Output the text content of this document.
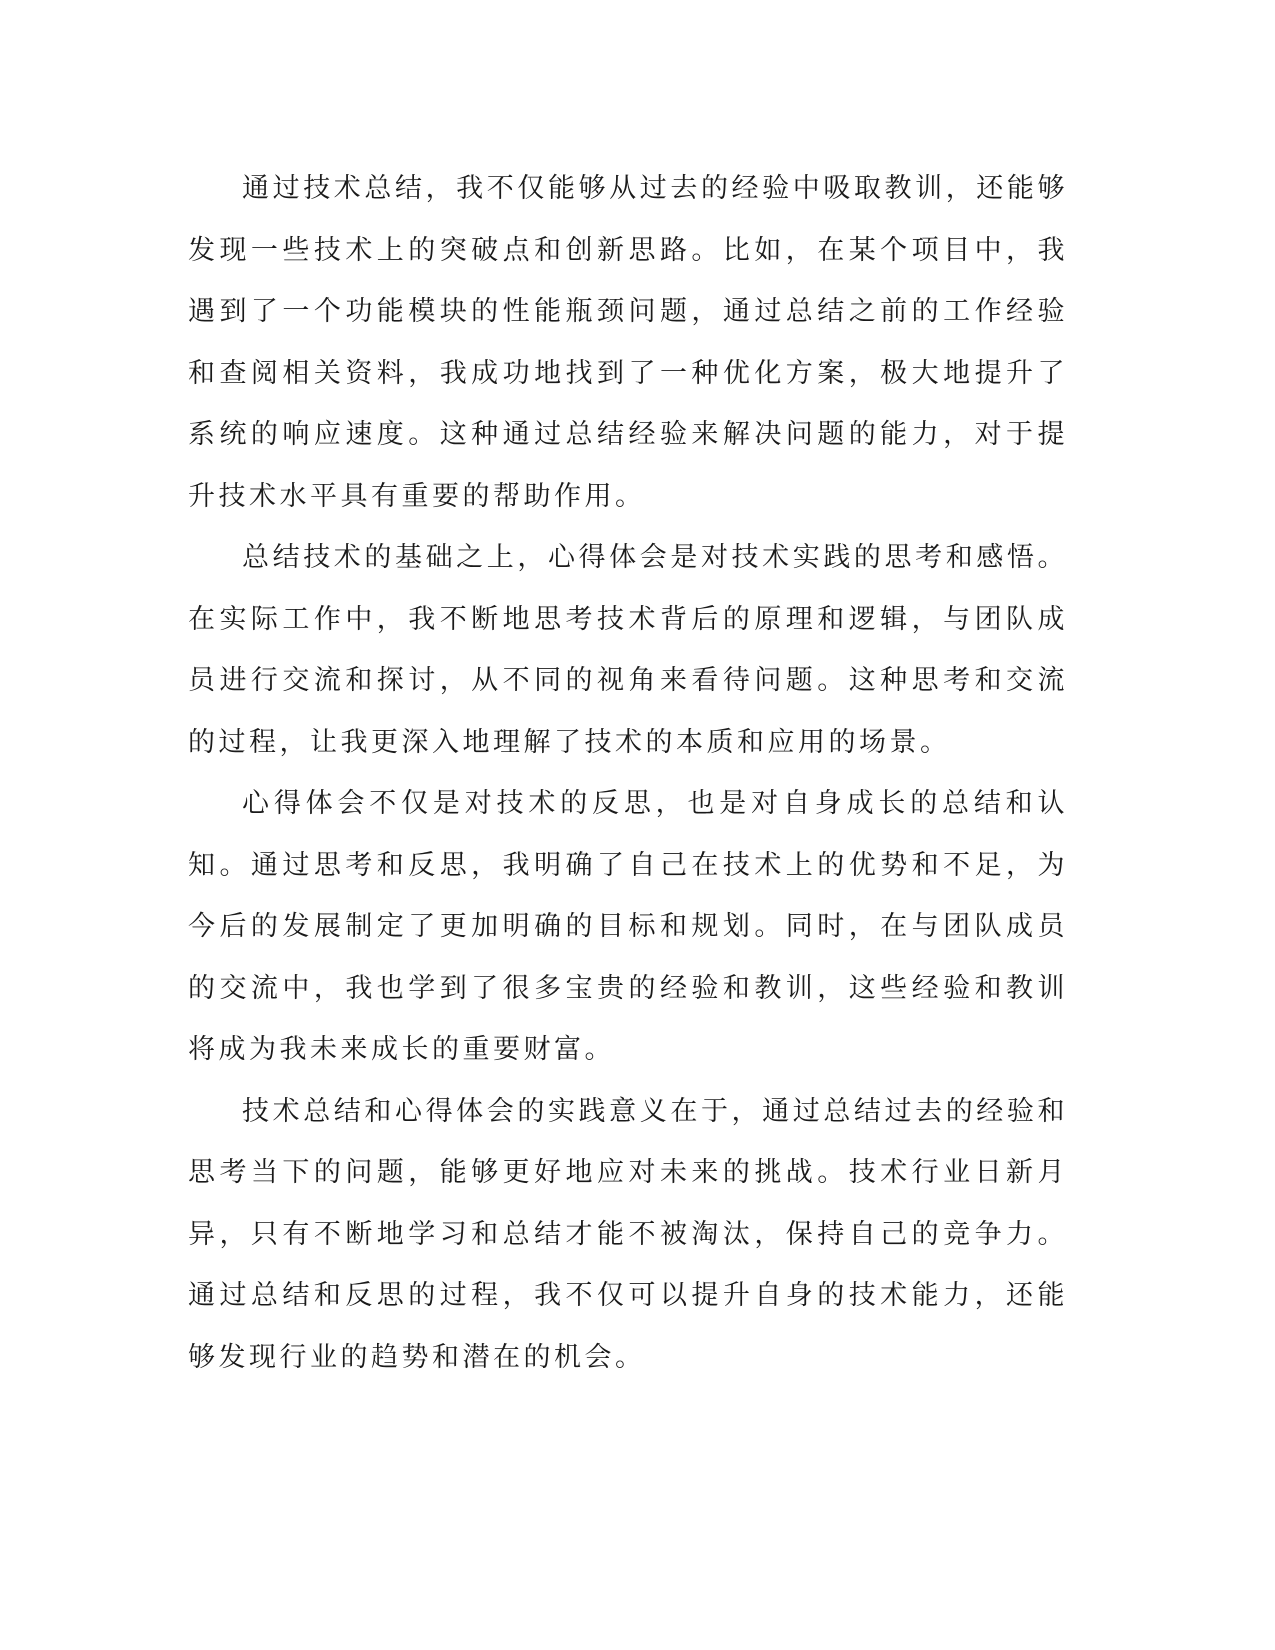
通过技术总结，我不仅能够从过去的经验中吸取教训，还能够发现一些技术上的突破点和创新思路。比如，在某个项目中，我遇到了一个功能模块的性能瓶颈问题，通过总结之前的工作经验和查阅相关资料，我成功地找到了一种优化方案，极大地提升了系统的响应速度。这种通过总结经验来解决问题的能力，对于提升技术水平具有重要的帮助作用。

总结技术的基础之上，心得体会是对技术实践的思考和感悟。在实际工作中，我不断地思考技术背后的原理和逻辑，与团队成员进行交流和探讨，从不同的视角来看待问题。这种思考和交流的过程，让我更深入地理解了技术的本质和应用的场景。

心得体会不仅是对技术的反思，也是对自身成长的总结和认知。通过思考和反思，我明确了自己在技术上的优势和不足，为今后的发展制定了更加明确的目标和规划。同时，在与团队成员的交流中，我也学到了很多宝贵的经验和教训，这些经验和教训将成为我未来成长的重要财富。

技术总结和心得体会的实践意义在于，通过总结过去的经验和思考当下的问题，能够更好地应对未来的挑战。技术行业日新月异，只有不断地学习和总结才能不被淘汰，保持自己的竞争力。通过总结和反思的过程，我不仅可以提升自身的技术能力，还能够发现行业的趋势和潜在的机会。
